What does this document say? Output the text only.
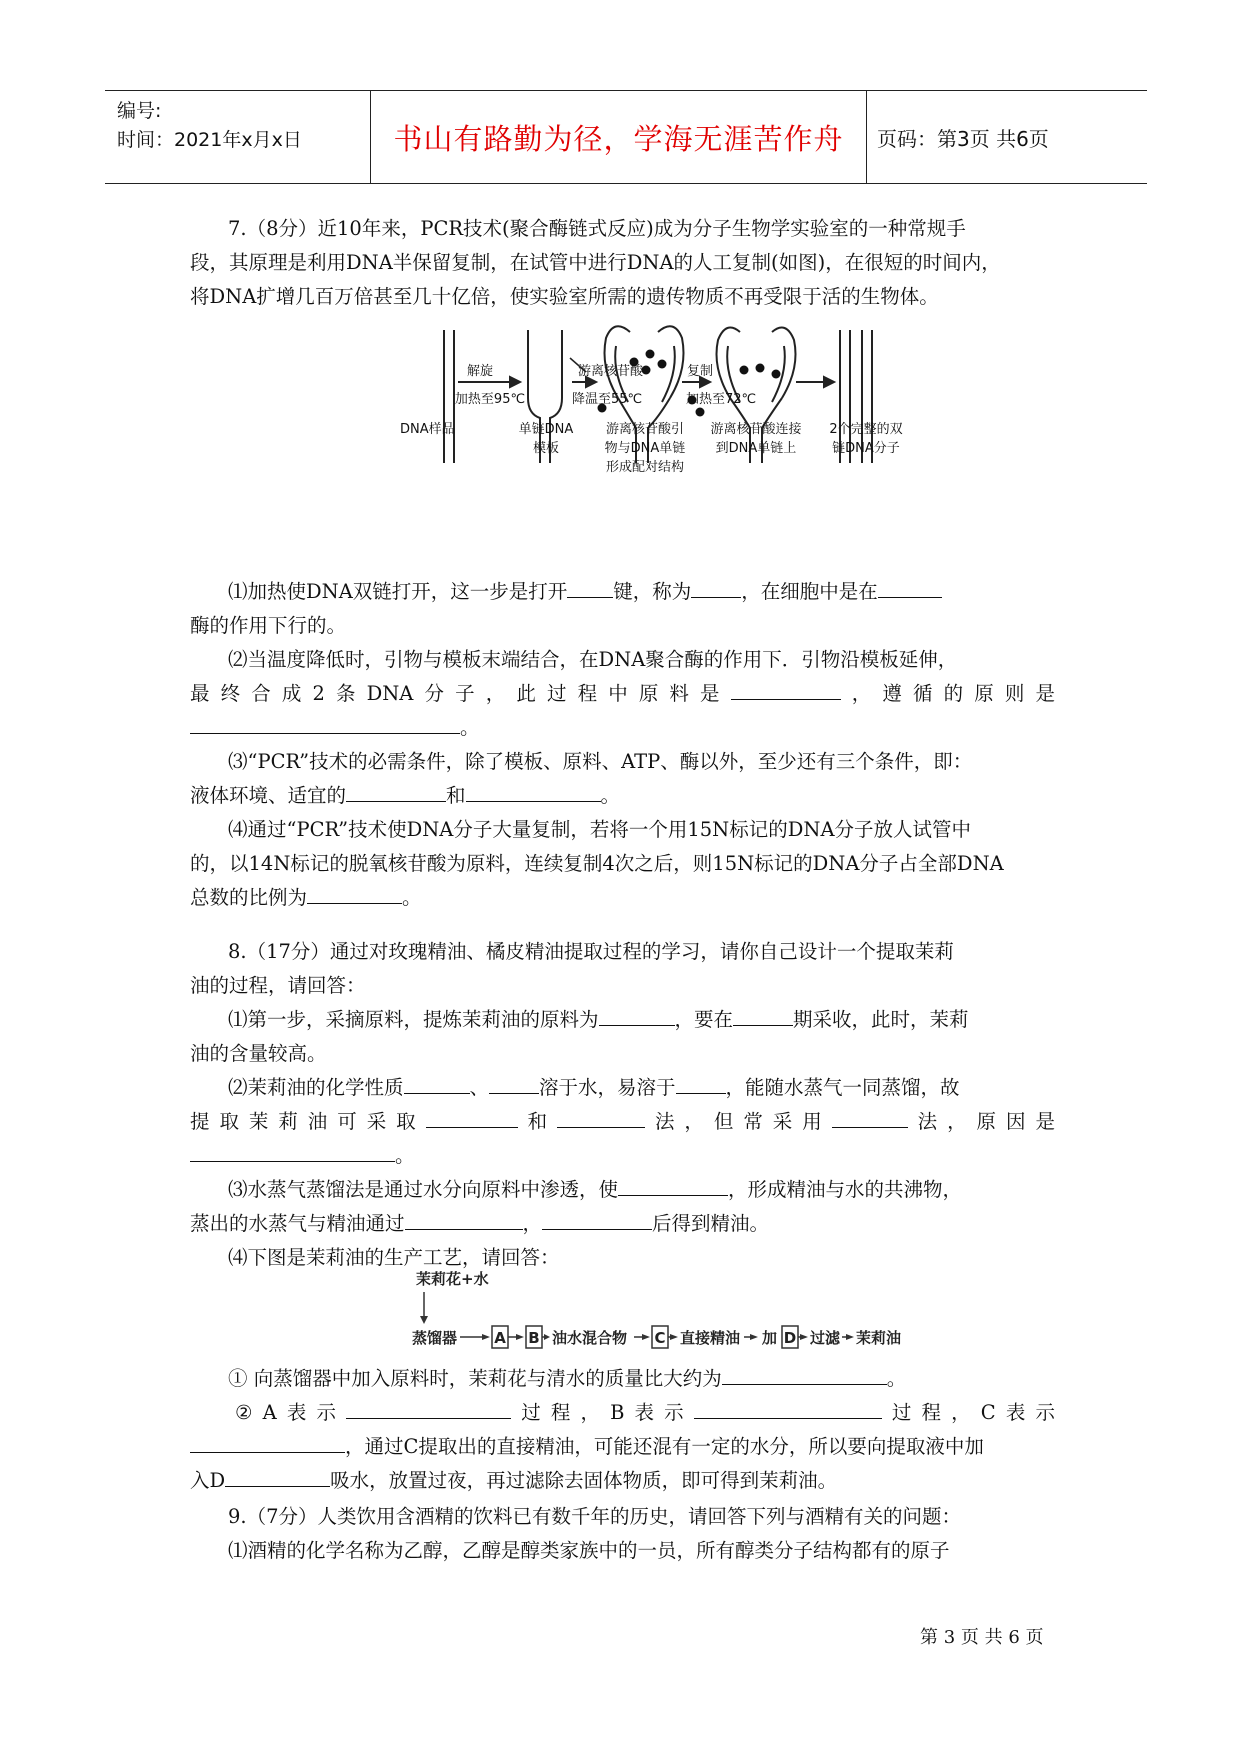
编号:
时间：2021年x月x日	书山有路勤为径，学海无涯苦作舟	页码：第3页 共6页

7.（8分）近10年来，PCR技术(聚合酶链式反应)成为分子生物学实验室的一种常规手

段，其原理是利用DNA半保留复制，在试管中进行DNA的人工复制(如图)，在很短的时间内，

将DNA扩增几百万倍甚至几十亿倍，使实验室所需的遗传物质不再受限于活的生物体。

解旋
加热至95℃
游离核苷酸
降温至55℃
复制
加热至72℃
DNA样品	单链DNA
模板
游离核苷酸引
物与DNA单链
形成配对结构
游离核苷酸连接
到DNA单链上
2个完整的双
链DNA分子

⑴加热使DNA双链打开，这一步是打开 键，称为	，在细胞中是在

酶的作用下行的。

⑵当温度降低时，引物与模板末端结合，在DNA聚合酶的作用下．引物沿模板延伸，

最终合成2条DNA分子，此过程中原料是	，遵循的原则是

。

⑶“PCR”技术的必需条件，除了模板、原料、ATP、酶以外，至少还有三个条件，即：

液体环境、适宜的	和	。

⑷通过“PCR”技术使DNA分子大量复制，若将一个用15N标记的DNA分子放人试管中

的，以14N标记的脱氧核苷酸为原料，连续复制4次之后，则15N标记的DNA分子占全部DNA

总数的比例为	。

8.（17分）通过对玫瑰精油、橘皮精油提取过程的学习，请你自己设计一个提取茉莉

油的过程，请回答：

⑴第一步，采摘原料，提炼茉莉油的原料为	，要在	期采收，此时，茉莉

油的含量较高。

⑵茉莉油的化学性质	、	溶于水，易溶于	，能随水蒸气一同蒸馏，故

提取茉莉油可采取	和	法，但常采用	法，原因是

。

⑶水蒸气蒸馏法是通过水分向原料中渗透，使	，形成精油与水的共沸物，

蒸出的水蒸气与精油通过	，	后得到精油。

⑷下图是茉莉油的生产工艺，请回答：

茉莉花+水
蒸馏器 A B 油水混合物 C 直接精油 加 D 过滤 茉莉油

① 向蒸馏器中加入原料时，茉莉花与清水的质量比大约为	。

②A表示	过程，B表示	过程，C表示

，通过C提取出的直接精油，可能还混有一定的水分，所以要向提取液中加

入D	吸水，放置过夜，再过滤除去固体物质，即可得到茉莉油。

9.（7分）人类饮用含酒精的饮料已有数千年的历史，请回答下列与酒精有关的问题：

⑴酒精的化学名称为乙醇，乙醇是醇类家族中的一员，所有醇类分子结构都有的原子

第 3 页 共 6 页
